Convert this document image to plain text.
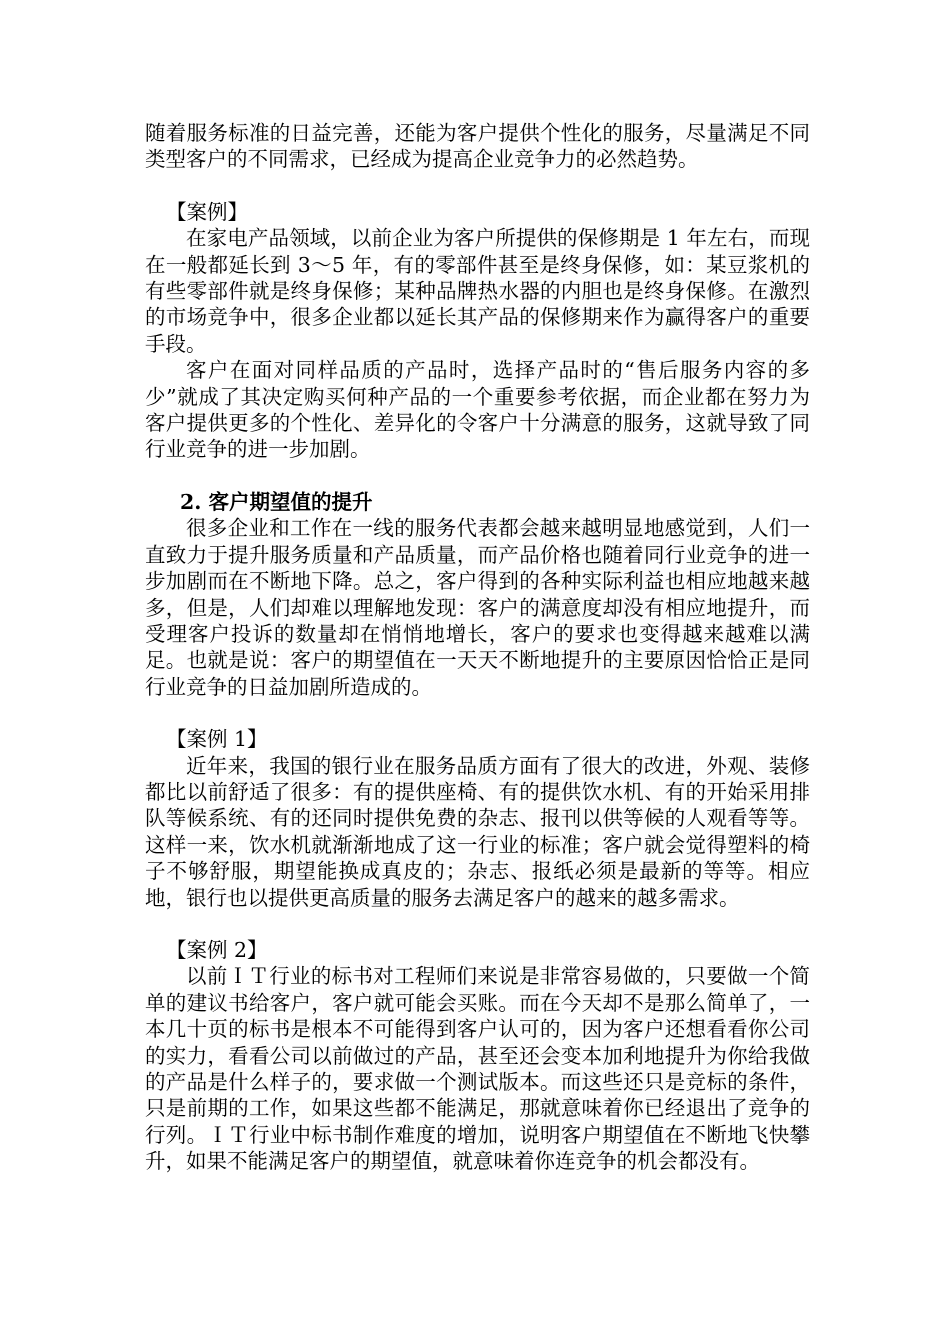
随着服务标准的日益完善，还能为客户提供个性化的服务，尽量满足不同类型客户的不同需求，已经成为提高企业竞争力的必然趋势。

【案例】

在家电产品领域，以前企业为客户所提供的保修期是 1 年左右，而现在一般都延长到 3～5 年，有的零部件甚至是终身保修，如：某豆浆机的有些零部件就是终身保修；某种品牌热水器的内胆也是终身保修。在激烈的市场竞争中，很多企业都以延长其产品的保修期来作为赢得客户的重要手段。

客户在面对同样品质的产品时，选择产品时的“售后服务内容的多少”就成了其决定购买何种产品的一个重要参考依据，而企业都在努力为客户提供更多的个性化、差异化的令客户十分满意的服务，这就导致了同行业竞争的进一步加剧。

2. 客户期望值的提升

很多企业和工作在一线的服务代表都会越来越明显地感觉到，人们一直致力于提升服务质量和产品质量，而产品价格也随着同行业竞争的进一步加剧而在不断地下降。总之，客户得到的各种实际利益也相应地越来越多，但是，人们却难以理解地发现：客户的满意度却没有相应地提升，而受理客户投诉的数量却在悄悄地增长，客户的要求也变得越来越难以满足。也就是说：客户的期望值在一天天不断地提升的主要原因恰恰正是同行业竞争的日益加剧所造成的。

【案例 1】

近年来，我国的银行业在服务品质方面有了很大的改进，外观、装修都比以前舒适了很多：有的提供座椅、有的提供饮水机、有的开始采用排队等候系统、有的还同时提供免费的杂志、报刊以供等候的人观看等等。这样一来，饮水机就渐渐地成了这一行业的标准；客户就会觉得塑料的椅子不够舒服，期望能换成真皮的；杂志、报纸必须是最新的等等。相应地，银行也以提供更高质量的服务去满足客户的越来的越多需求。

【案例 2】

以前ＩＴ行业的标书对工程师们来说是非常容易做的，只要做一个简单的建议书给客户，客户就可能会买账。而在今天却不是那么简单了，一本几十页的标书是根本不可能得到客户认可的，因为客户还想看看你公司的实力，看看公司以前做过的产品，甚至还会变本加利地提升为你给我做的产品是什么样子的，要求做一个测试版本。而这些还只是竞标的条件，只是前期的工作，如果这些都不能满足，那就意味着你已经退出了竞争的行列。ＩＴ行业中标书制作难度的增加，说明客户期望值在不断地飞快攀升，如果不能满足客户的期望值，就意味着你连竞争的机会都没有。
